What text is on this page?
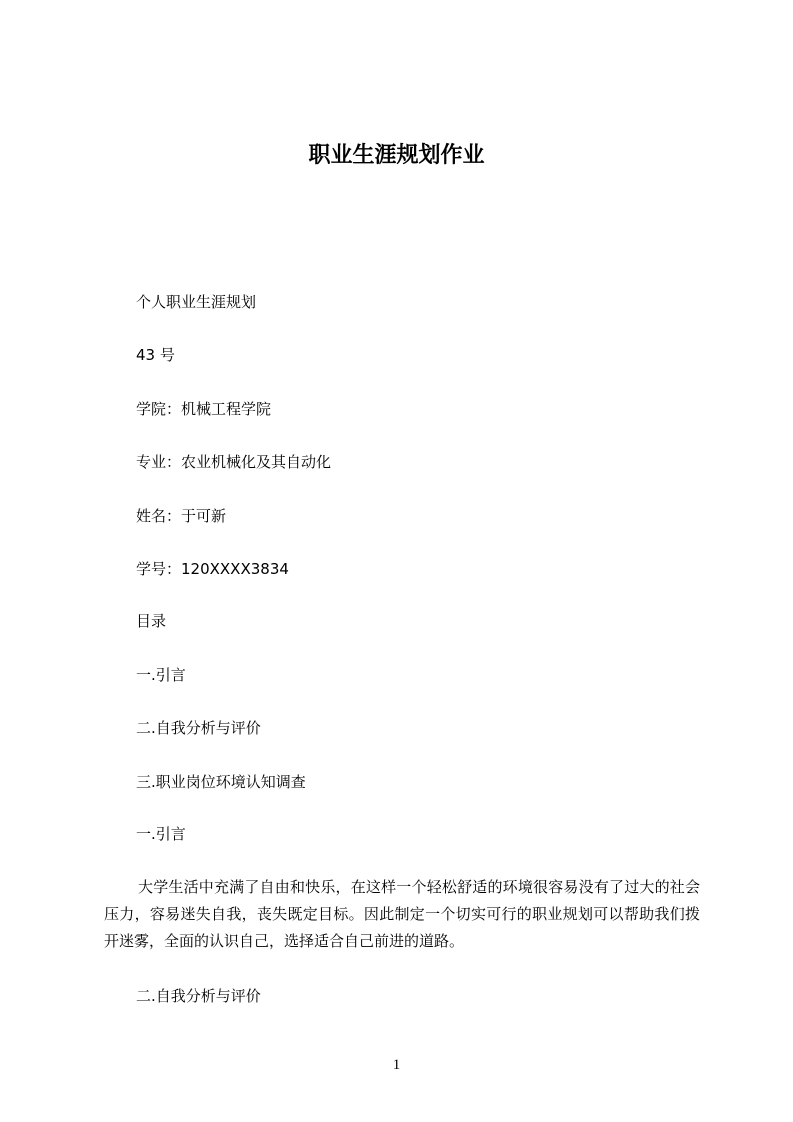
职业生涯规划作业
个人职业生涯规划
43 号
学院：机械工程学院
专业：农业机械化及其自动化
姓名：于可新
学号：120XXXX3834
目录
一.引言
二.自我分析与评价
三.职业岗位环境认知调查
一.引言
大学生活中充满了自由和快乐，在这样一个轻松舒适的环境很容易没有了过大的社会压力，容易迷失自我，丧失既定目标。因此制定一个切实可行的职业规划可以帮助我们拨开迷雾，全面的认识自己，选择适合自己前进的道路。
二.自我分析与评价
1
